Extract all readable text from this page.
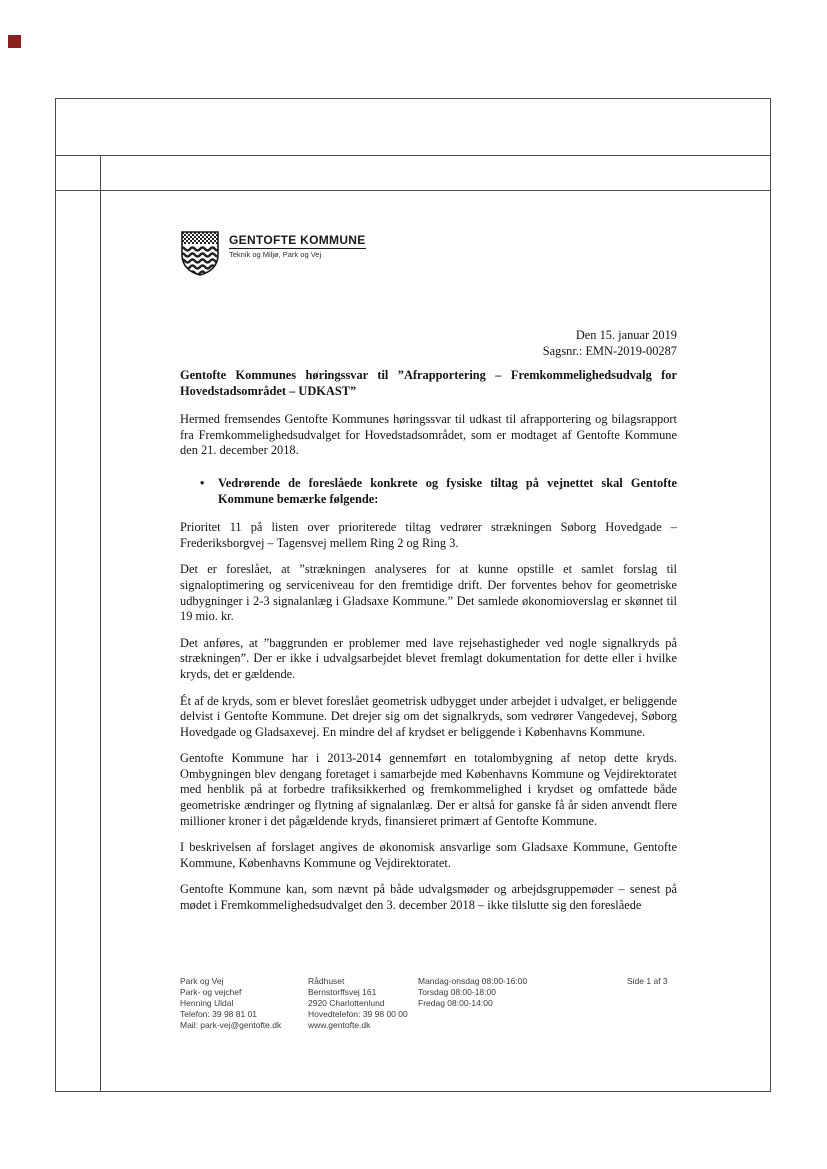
GENTOFTE KOMMUNE
Teknik og Miljø, Park og Vej
Den 15. januar 2019
Sagsnr.: EMN-2019-00287
Gentofte Kommunes høringssvar til ”Afrapportering – Fremkommelighedsudvalg for Hovedstadsområdet – UDKAST”

Hermed fremsendes Gentofte Kommunes høringssvar til udkast til afrapportering og bilagsrapport fra Fremkommelighedsudvalget for Hovedstadsområdet, som er modtaget af Gentofte Kommune den 21. december 2018.

•	Vedrørende de foreslåede konkrete og fysiske tiltag på vejnettet skal Gentofte Kommune bemærke følgende:

Prioritet 11 på listen over prioriterede tiltag vedrører strækningen Søborg Hovedgade – Frederiksborgvej – Tagensvej mellem Ring 2 og Ring 3.

Det er foreslået, at ”strækningen analyseres for at kunne opstille et samlet forslag til signaloptimering og serviceniveau for den fremtidige drift. Der forventes behov for geometriske udbygninger i 2-3 signalanlæg i Gladsaxe Kommune.” Det samlede økonomioverslag er skønnet til 19 mio. kr.

Det anføres, at ”baggrunden er problemer med lave rejsehastigheder ved nogle signalkryds på strækningen”. Der er ikke i udvalgsarbejdet blevet fremlagt dokumentation for dette eller i hvilke kryds, det er gældende.

Ét af de kryds, som er blevet foreslået geometrisk udbygget under arbejdet i udvalget, er beliggende delvist i Gentofte Kommune. Det drejer sig om det signalkryds, som vedrører Vangedevej, Søborg Hovedgade og Gladsaxevej. En mindre del af krydset er beliggende i Københavns Kommune.

Gentofte Kommune har i 2013-2014 gennemført en totalombygning af netop dette kryds. Ombygningen blev dengang foretaget i samarbejde med Københavns Kommune og Vejdirektoratet med henblik på at forbedre trafiksikkerhed og fremkommelighed i krydset og omfattede både geometriske ændringer og flytning af signalanlæg. Der er altså for ganske få år siden anvendt flere millioner kroner i det pågældende kryds, finansieret primært af Gentofte Kommune.

I beskrivelsen af forslaget angives de økonomisk ansvarlige som Gladsaxe Kommune, Gentofte Kommune, Københavns Kommune og Vejdirektoratet.

Gentofte Kommune kan, som nævnt på både udvalgsmøder og arbejdsgruppemøder – senest på mødet i Fremkommelighedsudvalget den 3. december 2018 – ikke tilslutte sig den foreslåede

Park og Vej
Park- og vejchef
Henning Uldal
Telefon: 39 98 81 01
Mail: park-vej@gentofte.dk
Rådhuset
Bernstorffsvej 161
2920 Charlottenlund
Hovedtelefon: 39 98 00 00
www.gentofte.dk
Mandag-onsdag 08:00-16:00
Torsdag 08:00-18:00
Fredag 08:00-14:00
Side 1 af 3
